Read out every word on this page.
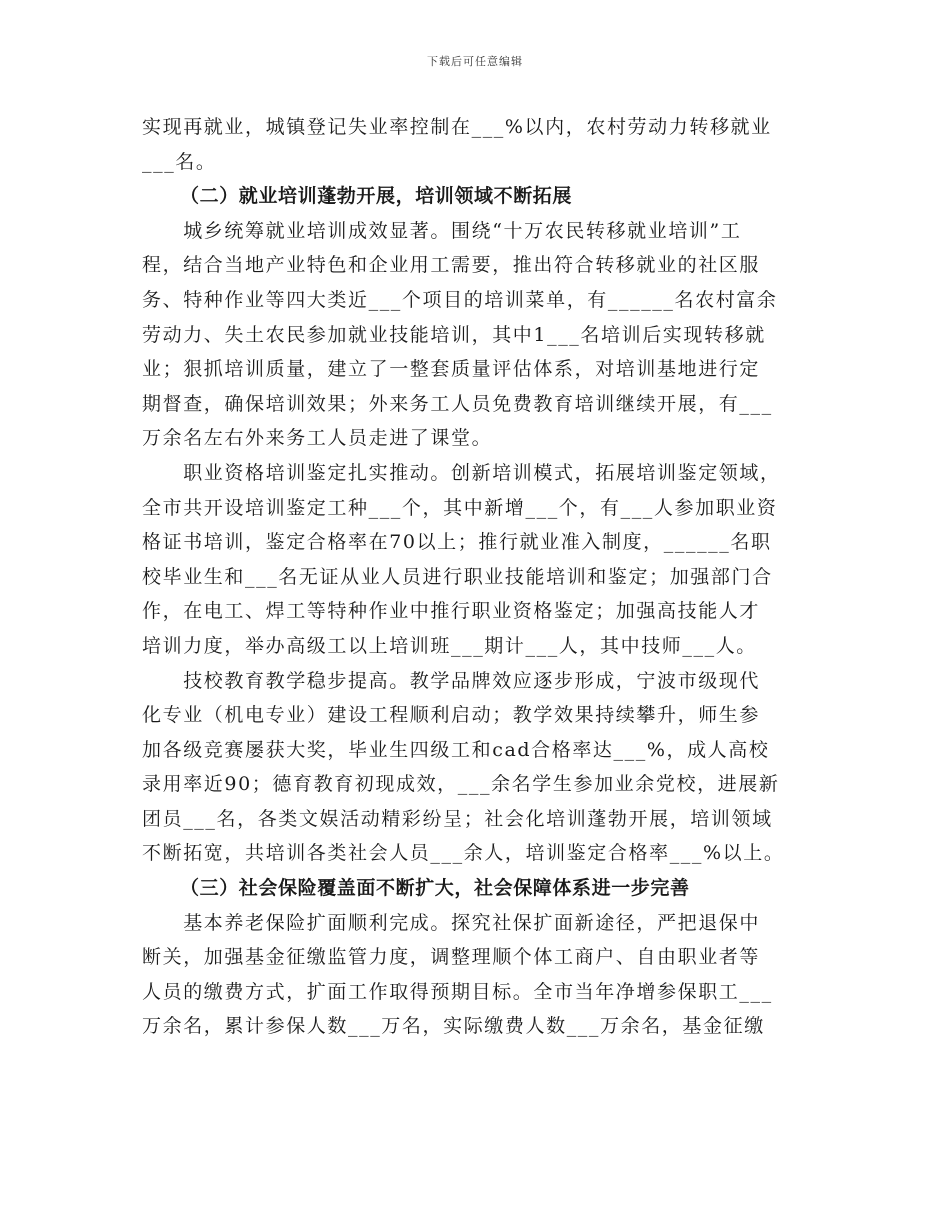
下载后可任意编辑
实现再就业，城镇登记失业率控制在___%以内，农村劳动力转移就业
___名。
（二）就业培训蓬勃开展，培训领域不断拓展
　　城乡统筹就业培训成效显著。围绕“十万农民转移就业培训”工
程，结合当地产业特色和企业用工需要，推出符合转移就业的社区服
务、特种作业等四大类近___个项目的培训菜单，有______名农村富余
劳动力、失土农民参加就业技能培训，其中1___名培训后实现转移就
业；狠抓培训质量，建立了一整套质量评估体系，对培训基地进行定
期督查，确保培训效果；外来务工人员免费教育培训继续开展，有___
万余名左右外来务工人员走进了课堂。
　　职业资格培训鉴定扎实推动。创新培训模式，拓展培训鉴定领域，
全市共开设培训鉴定工种___个，其中新增___个，有___人参加职业资
格证书培训，鉴定合格率在70以上；推行就业准入制度，______名职
校毕业生和___名无证从业人员进行职业技能培训和鉴定；加强部门合
作，在电工、焊工等特种作业中推行职业资格鉴定；加强高技能人才
培训力度，举办高级工以上培训班___期计___人，其中技师___人。
　　技校教育教学稳步提高。教学品牌效应逐步形成，宁波市级现代
化专业（机电专业）建设工程顺利启动；教学效果持续攀升，师生参
加各级竞赛屡获大奖，毕业生四级工和cad合格率达___%，成人高校
录用率近90；德育教育初现成效，___余名学生参加业余党校，进展新
团员___名，各类文娱活动精彩纷呈；社会化培训蓬勃开展，培训领域
不断拓宽，共培训各类社会人员___余人，培训鉴定合格率___%以上。
（三）社会保险覆盖面不断扩大，社会保障体系进一步完善
　　基本养老保险扩面顺利完成。探究社保扩面新途径，严把退保中
断关，加强基金征缴监管力度，调整理顺个体工商户、自由职业者等
人员的缴费方式，扩面工作取得预期目标。全市当年净增参保职工___
万余名，累计参保人数___万名，实际缴费人数___万余名，基金征缴
